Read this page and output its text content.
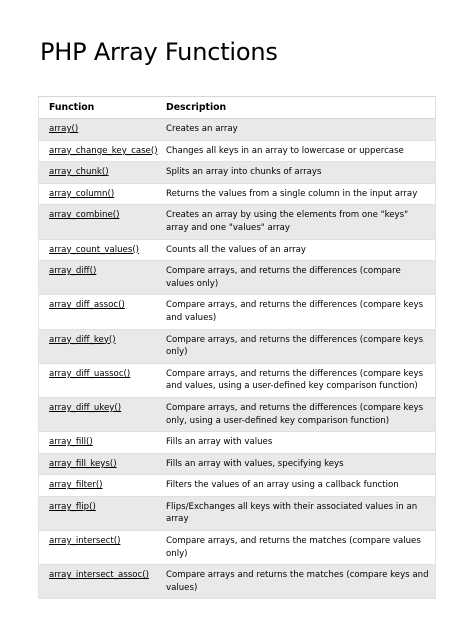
PHP Array Functions
Function	Description
array()	Creates an array
array_change_key_case()	Changes all keys in an array to lowercase or uppercase
array_chunk()	Splits an array into chunks of arrays
array_column()	Returns the values from a single column in the input array
array_combine()	Creates an array by using the elements from one "keys" array and one "values" array
array_count_values()	Counts all the values of an array
array_diff()	Compare arrays, and returns the differences (compare values only)
array_diff_assoc()	Compare arrays, and returns the differences (compare keys and values)
array_diff_key()	Compare arrays, and returns the differences (compare keys only)
array_diff_uassoc()	Compare arrays, and returns the differences (compare keys and values, using a user-defined key comparison function)
array_diff_ukey()	Compare arrays, and returns the differences (compare keys only, using a user-defined key comparison function)
array_fill()	Fills an array with values
array_fill_keys()	Fills an array with values, specifying keys
array_filter()	Filters the values of an array using a callback function
array_flip()	Flips/Exchanges all keys with their associated values in an array
array_intersect()	Compare arrays, and returns the matches (compare values only)
array_intersect_assoc()	Compare arrays and returns the matches (compare keys and values)
